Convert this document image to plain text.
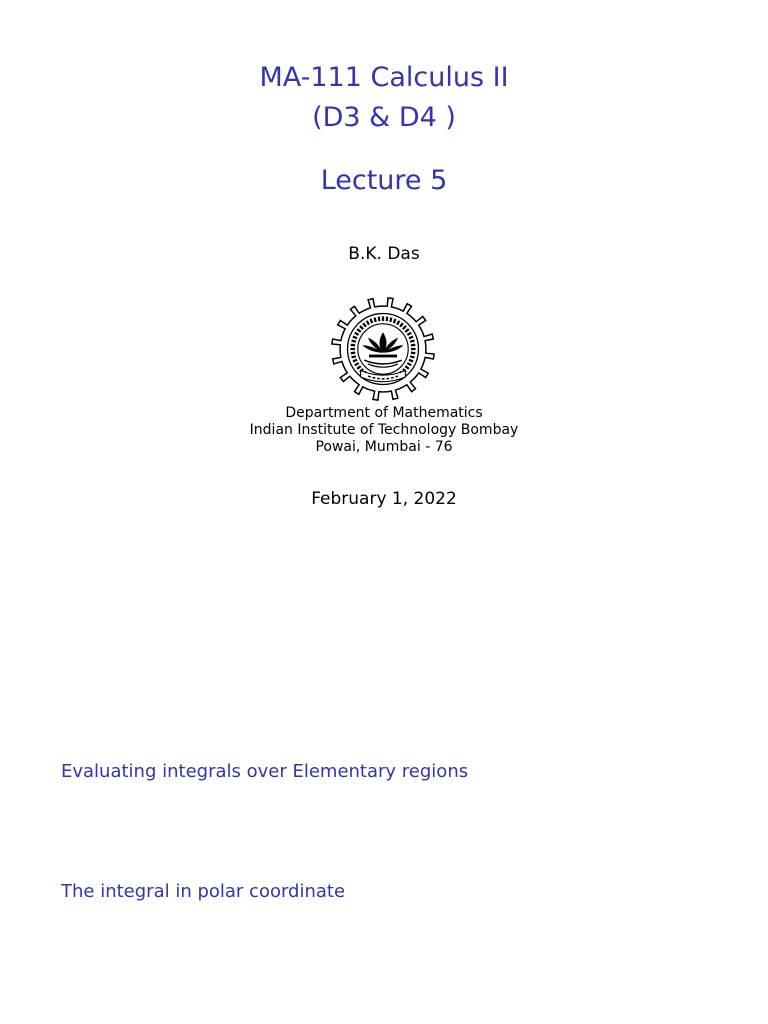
MA-111 Calculus II
(D3 & D4 )
Lecture 5
B.K. Das
Department of Mathematics
Indian Institute of Technology Bombay
Powai, Mumbai - 76
February 1, 2022
Evaluating integrals over Elementary regions
The integral in polar coordinate
